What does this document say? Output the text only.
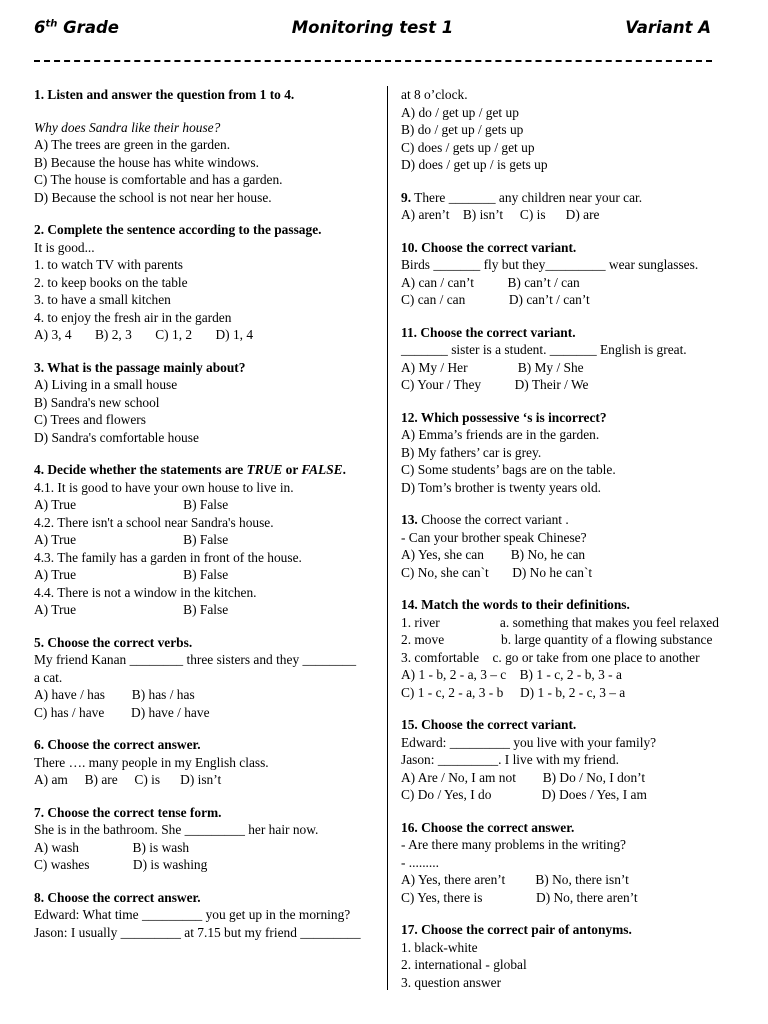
6th Grade	Monitoring test 1	Variant A
1. Listen and answer the question from 1 to 4.
Why does Sandra like their house?
A) The trees are green in the garden.
B) Because the house has white windows.
C) The house is comfortable and has a garden.
D) Because the school is not near her house.
2. Complete the sentence according to the passage.
It is good...
1. to watch TV with parents
2. to keep books on the table
3. to have a small kitchen
4. to enjoy the fresh air in the garden
A) 3, 4       B) 2, 3       C) 1, 2       D) 1, 4
3. What is the passage mainly about?
A) Living in a small house
B) Sandra's new school
C) Trees and flowers
D) Sandra's comfortable house
4. Decide whether the statements are TRUE or FALSE.
4.1. It is good to have your own house to live in.
A) True                                B) False
4.2. There isn't a school near Sandra's house.
A) True                                B) False
4.3. The family has a garden in front of the house.
A) True                                B) False
4.4. There is not a window in the kitchen.
A) True                                B) False
5. Choose the correct verbs.
My friend Kanan ________ three sisters and they ________
a cat.
A) have / has        B) has / has
C) has / have        D) have / have
6. Choose the correct answer.
There …. many people in my English class.
A) am     B) are     C) is      D) isn’t
7. Choose the correct tense form.
She is in the bathroom. She _________ her hair now.
A) wash                B) is wash
C) washes             D) is washing
8. Choose the correct answer.
Edward: What time _________ you get up in the morning?
Jason: I usually _________ at 7.15 but my friend _________
at 8 o’clock.
A) do / get up / get up
B) do / get up / gets up
C) does / gets up / get up
D) does / get up / is gets up
9. There _______ any children near your car.
A) aren’t    B) isn’t     C) is      D) are
10. Choose the correct variant.
Birds _______ fly but they_________ wear sunglasses.
A) can / can’t          B) can’t / can
C) can / can             D) can’t / can’t
11. Choose the correct variant.
_______ sister is a student. _______ English is great.
A) My / Her               B) My / She
C) Your / They          D) Their / We
12. Which possessive ‘s is incorrect?
A) Emma’s friends are in the garden.
B) My fathers’ car is grey.
C) Some students’ bags are on the table.
D) Tom’s brother is twenty years old.
13. Choose the correct variant .
- Can your brother speak Chinese?
A) Yes, she can        B) No, he can
C) No, she can`t       D) No he can`t
14. Match the words to their definitions.
1. river                  a. something that makes you feel relaxed
2. move                 b. large quantity of a flowing substance
3. comfortable    c. go or take from one place to another
A) 1 - b, 2 - a, 3 – c    B) 1 - c, 2 - b, 3 - a
C) 1 - c, 2 - a, 3 - b     D) 1 - b, 2 - c, 3 – a
15. Choose the correct variant.
Edward: _________ you live with your family?
Jason: _________. I live with my friend.
A) Are / No, I am not        B) Do / No, I don’t
C) Do / Yes, I do               D) Does / Yes, I am
16. Choose the correct answer.
- Are there many problems in the writing?
- .........
A) Yes, there aren’t         B) No, there isn’t
C) Yes, there is                D) No, there aren’t
17. Choose the correct pair of antonyms.
1. black-white
2. international - global
3. question answer
